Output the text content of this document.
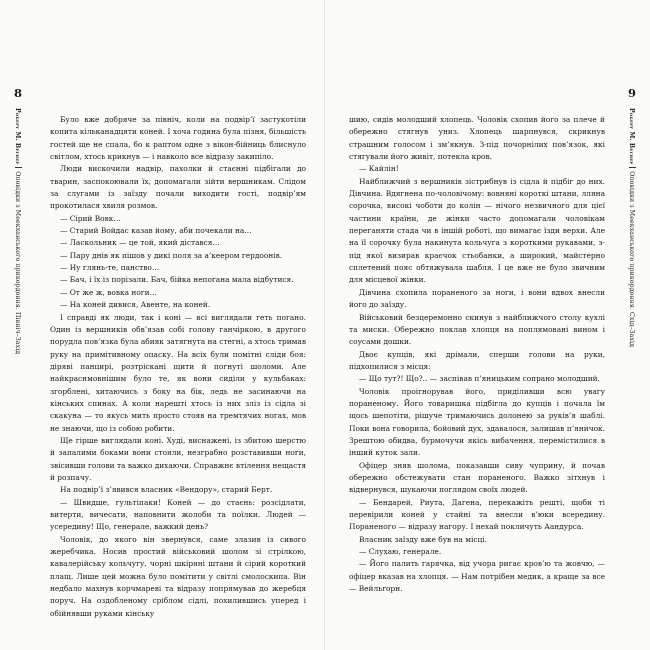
8
Роберт М. ВегнерОповідки з Меекханського прикордоння. Північ–Захід

Було вже добряче за північ, коли на подвір’ї застукотіли копита кільканадцяти коней. І хоча година була пізня, більшість гостей ще не спала, бо к раптом одне з вікон-бійниць блиснуло світлом, хтось крикнув — і навколо все відразу закипіло.

Люди вискочили надвір, пахолки й стаєнні підбігали до тварин, заспокоювали їх, допомагали зійти вершникам. Слідом за слугами із заїзду почали виходити гості, подвір’ям прокотилася хвиля розмов.

— Сірий Вовк…

— Старий Войдас казав йому, аби почекали на…

— Ласкольник — це той, який дістався…

— Пару днів як пішов у дикі поля за а’кеером гердоонів.

— Ну глянь-те, панство…

— Бач, і їх із порізали. Бач, бійка непогана мала відбутися.

— От же ж, вовка ноги…

— На коней дивися, Авенте, на коней.

І справді як люди, так і коні — всі виглядали геть погано. Один із вершників обв’язав собі голову ганчіркою, в другого порудла пов’язка була абияк затягнута на стегні, а хтось тримав руку на примітивному опаску. На всіх були помітні сліди боя: діряві панцирі, розтріскані щити й погнуті шоломи. Але найкраснмовнішим було те, як вони сиділи у кульбаках: згорблені, хитаючись з боку на бік, ледь не засинаючи на кінських спинах. А коли нарешті хтось із них зліз із сідла зі скакуна — то якусь мить просто стояв на тремтячих ногах, мов не знаючи, що із собою робити.

Ще гірше виглядали коні. Худі, виснажені, із збитою шерстю й запалими боками вони стояли, незграбно розставивши ноги, звісивши голови та важко дихаючи. Справжнє втілення нещастя й розпачу.

На подвір’ї з’явився власник «Вендору», старий Берт.

— Швидше, гультіпаки! Коней — до стаєнь: розсідлати, витерти, вичесати, наповнити жолоби та поїлки. Людей — усередину! Що, генерале, важкий день?

Чоловік, до якого він звернувся, саме злазив із сивого жеребчика. Носив простий військовий шолом зі стрілкою, кавалерійську кольчугу, чорні шкіряні штани й сірий короткий плащ. Лише цей можна було помітити у світлі смолоскипа. Він недбало махнув корчмареві та відразу попрямував до жеребця поруч. На оздобленому сріблом сідлі, похилившись уперед і обійнявши руками кінську

9
Роберт М. ВегнерОповідки з Меекханського прикордоння. Схід–Захід

шию, сидів молодший хлопець. Чоловік схопив його за плече й обережно стягнув униз. Хлопець шарпнувся, скрикнув страшним голосом і зм’якнув. З-під почорнілих пов’язок, які стягували його живіт, потекла кров.

— Кайлін!

Найближчий з вершників зістрибнув із сідла й підбіг до них. Дівчина. Вдягнена по-чоловічому: вовняні короткі штани, лляна сорочка, високі чоботи до колін — нічого незвичного для цієї частини країни, де жінки часто допомагали чоловікам переганяти стада чи в іншій роботі, що вимагає їзди верхи. Але на її сорочку була накинута кольчуга з короткими рукавами, з-під якої визирав краєчок стьобанки, а широкий, майстерно сплетений пояс обтяжувала шабля. І це вже не було звичним для місцевої жінки.

Дівчина схопила пораненого за ноги, і вони вдвох внесли його до заїзду.

Військовий безцеремонно скинув з найближчого столу кухлі та миски. Обережно поклав хлопця на поплямовані вином і соусами дошки.

Двоє купців, які дрімали, сперши голови на руки, підхопилися з місця:

— Що тут?! Що?.. — заспівав п’яницьким сопрано молодший.

Чоловік проігнорував його, приділивши всю увагу пораненому. Його товаришка підбігла до купців і почала їм щось шепотіти, рішуче тримаючись долонею за руків’я шаблі. Поки вона говорила, бойовий дух, здавалося, залишав п’яничок. Зрештою обидва, бурмочучи якісь вибачення, перемістилися в інший куток зали.

Офіцер зняв шолома, показавши сиву чуприну, й почав обережно обстежувати стан пораненого. Важко зітхнув і відвернувся, шукаючи поглядом своїх людей.

— Бендарей, Риута, Дагена, перекажіть решті, щоби ті перевірили коней у стайні та внесли в’юки всередину. Пораненого — відразу нагору. І нехай покличуть Аандурса.

Власник заїзду вже був на місці.

— Слухаю, генерале.

— Його палить гарячка, від учора ригає кров’ю та жовчю, — офіцер вказав на хлопця. — Нам потрібен медик, а краще за все — Вейльгорн.
